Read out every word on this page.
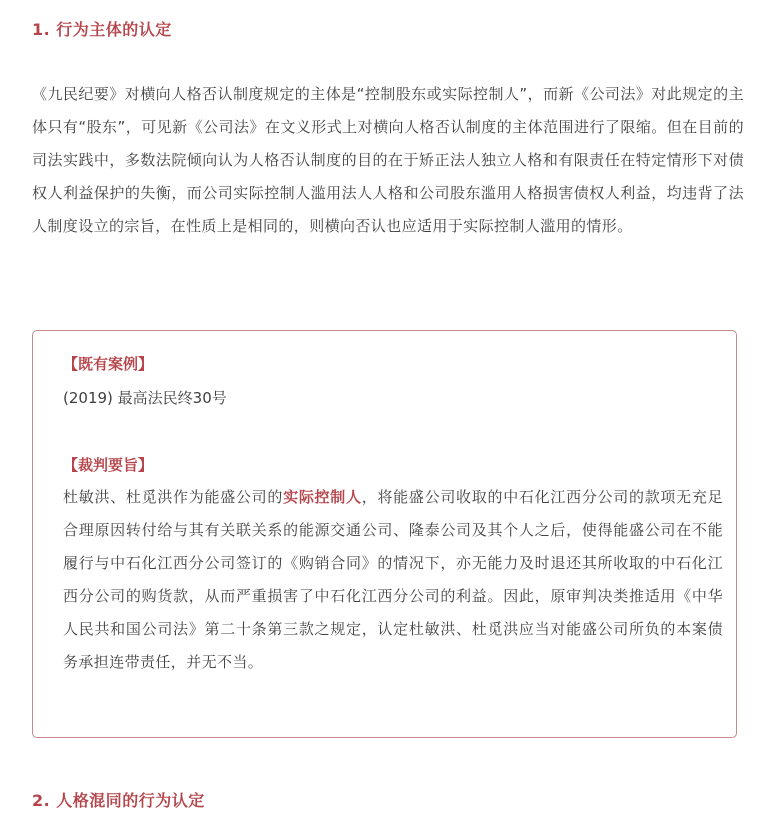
1. 行为主体的认定

《九民纪要》对横向人格否认制度规定的主体是“控制股东或实际控制人”，而新《公司法》对此规定的主体只有“股东”，可见新《公司法》在文义形式上对横向人格否认制度的主体范围进行了限缩。但在目前的司法实践中，多数法院倾向认为人格否认制度的目的在于矫正法人独立人格和有限责任在特定情形下对债权人利益保护的失衡，而公司实际控制人滥用法人人格和公司股东滥用人格损害债权人利益，均违背了法人制度设立的宗旨，在性质上是相同的，则横向否认也应适用于实际控制人滥用的情形。

【既有案例】

(2019) 最高法民终30号

【裁判要旨】

杜敏洪、杜觅洪作为能盛公司的实际控制人，将能盛公司收取的中石化江西分公司的款项无充足合理原因转付给与其有关联关系的能源交通公司、隆泰公司及其个人之后，使得能盛公司在不能履行与中石化江西分公司签订的《购销合同》的情况下，亦无能力及时退还其所收取的中石化江西分公司的购货款，从而严重损害了中石化江西分公司的利益。因此，原审判决类推适用《中华人民共和国公司法》第二十条第三款之规定，认定杜敏洪、杜觅洪应当对能盛公司所负的本案债务承担连带责任，并无不当。

2. 人格混同的行为认定
